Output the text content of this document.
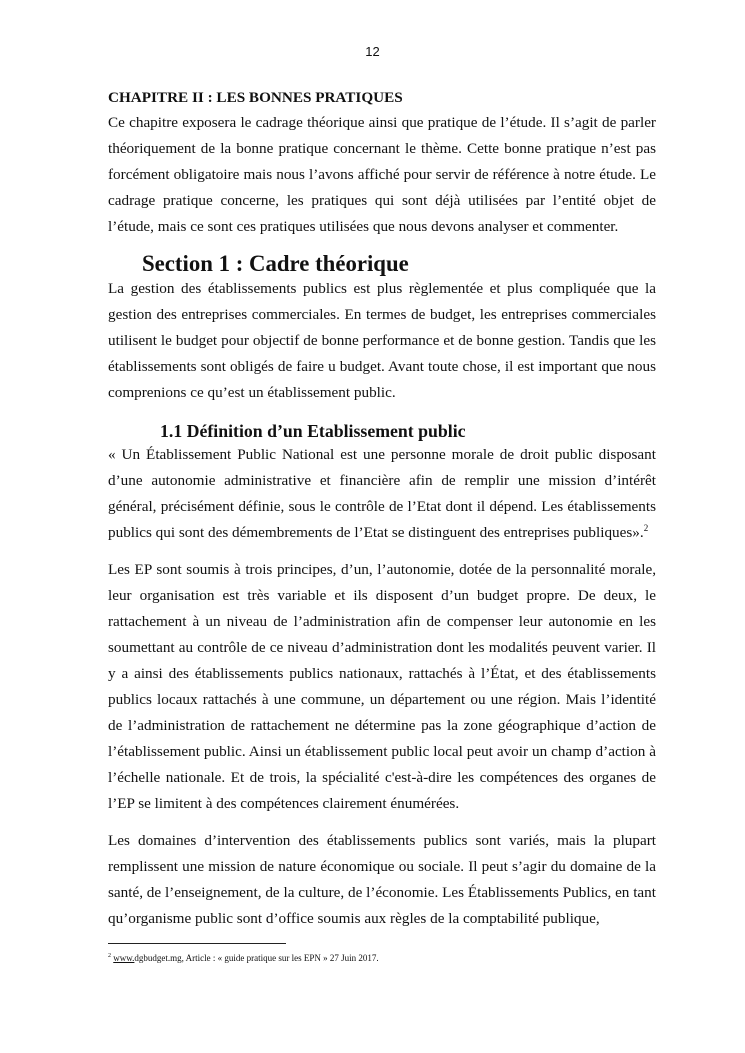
12
CHAPITRE II : LES BONNES PRATIQUES

Ce chapitre exposera le cadrage théorique ainsi que pratique de l’étude. Il s’agit de parler théoriquement de la bonne pratique concernant le thème. Cette bonne pratique n’est pas forcément obligatoire mais nous l’avons affiché pour servir de référence à notre étude. Le cadrage pratique concerne, les pratiques qui sont déjà utilisées par l’entité objet de l’étude, mais ce sont ces pratiques utilisées que nous devons analyser et commenter.

Section 1 : Cadre théorique

La gestion des établissements publics est plus règlementée et plus compliquée que la gestion des entreprises commerciales. En termes de budget, les entreprises commerciales utilisent le budget pour objectif de bonne performance et de bonne gestion. Tandis que les établissements sont obligés de faire u budget. Avant toute chose, il est important que nous comprenions ce qu’est un établissement public.

1.1 Définition d’un Etablissement public

« Un Établissement Public National est une personne morale de droit public disposant d’une autonomie administrative et financière afin de remplir une mission d’intérêt général, précisément définie, sous le contrôle de l’Etat dont il dépend. Les établissements publics qui sont des démembrements de l’Etat se distinguent des entreprises publiques».$^2$

Les EP sont soumis à trois principes, d’un, l’autonomie, dotée de la personnalité morale, leur organisation est très variable et ils disposent d’un budget propre. De deux, le rattachement à un niveau de l’administration afin de compenser leur autonomie en les soumettant au contrôle de ce niveau d’administration dont les modalités peuvent varier. Il y a ainsi des établissements publics nationaux, rattachés à l’État, et des établissements publics locaux rattachés à une commune, un département ou une région. Mais l’identité de l’administration de rattachement ne détermine pas la zone géographique d’action de l’établissement public. Ainsi un établissement public local peut avoir un champ d’action à l’échelle nationale. Et de trois, la spécialité c'est-à-dire les compétences des organes de l’EP se limitent à des compétences clairement énumérées.

Les domaines d’intervention des établissements publics sont variés, mais la plupart remplissent une mission de nature économique ou sociale. Il peut s’agir du domaine de la santé, de l’enseignement, de la culture, de l’économie. Les Établissements Publics, en tant qu’organisme public sont d’office soumis aux règles de la comptabilité publique,

$^2$ www.dgbudget.mg, Article : « guide pratique sur les EPN » 27 Juin 2017.
